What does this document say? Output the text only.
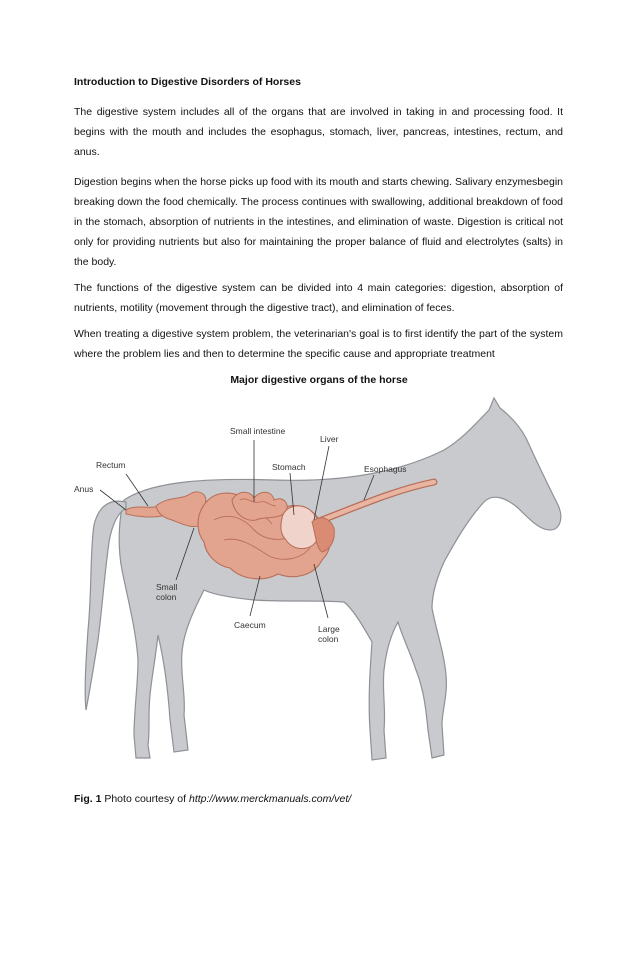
Introduction to Digestive Disorders of Horses

The digestive system includes all of the organs that are involved in taking in and processing food. It begins with the mouth and includes the esophagus, stomach, liver, pancreas, intestines, rectum, and anus.

Digestion begins when the horse picks up food with its mouth and starts chewing. Salivary enzymesbegin breaking down the food chemically. The process continues with swallowing, additional breakdown of food in the stomach, absorption of nutrients in the intestines, and elimination of waste. Digestion is critical not only for providing nutrients but also for maintaining the proper balance of fluid and electrolytes (salts) in the body.

The functions of the digestive system can be divided into 4 main categories: digestion, absorption of nutrients, motility (movement through the digestive tract), and elimination of feces.

When treating a digestive system problem, the veterinarian's goal is to first identify the part of the system where the problem lies and then to determine the specific cause and appropriate treatment

Major digestive organs of the horse
Small intestine
Liver
Stomach	Esophagus
Rectum
Anus
Small
colon
Caecum	Large
colon
Fig. 1 Photo courtesy of http://www.merckmanuals.com/vet/
